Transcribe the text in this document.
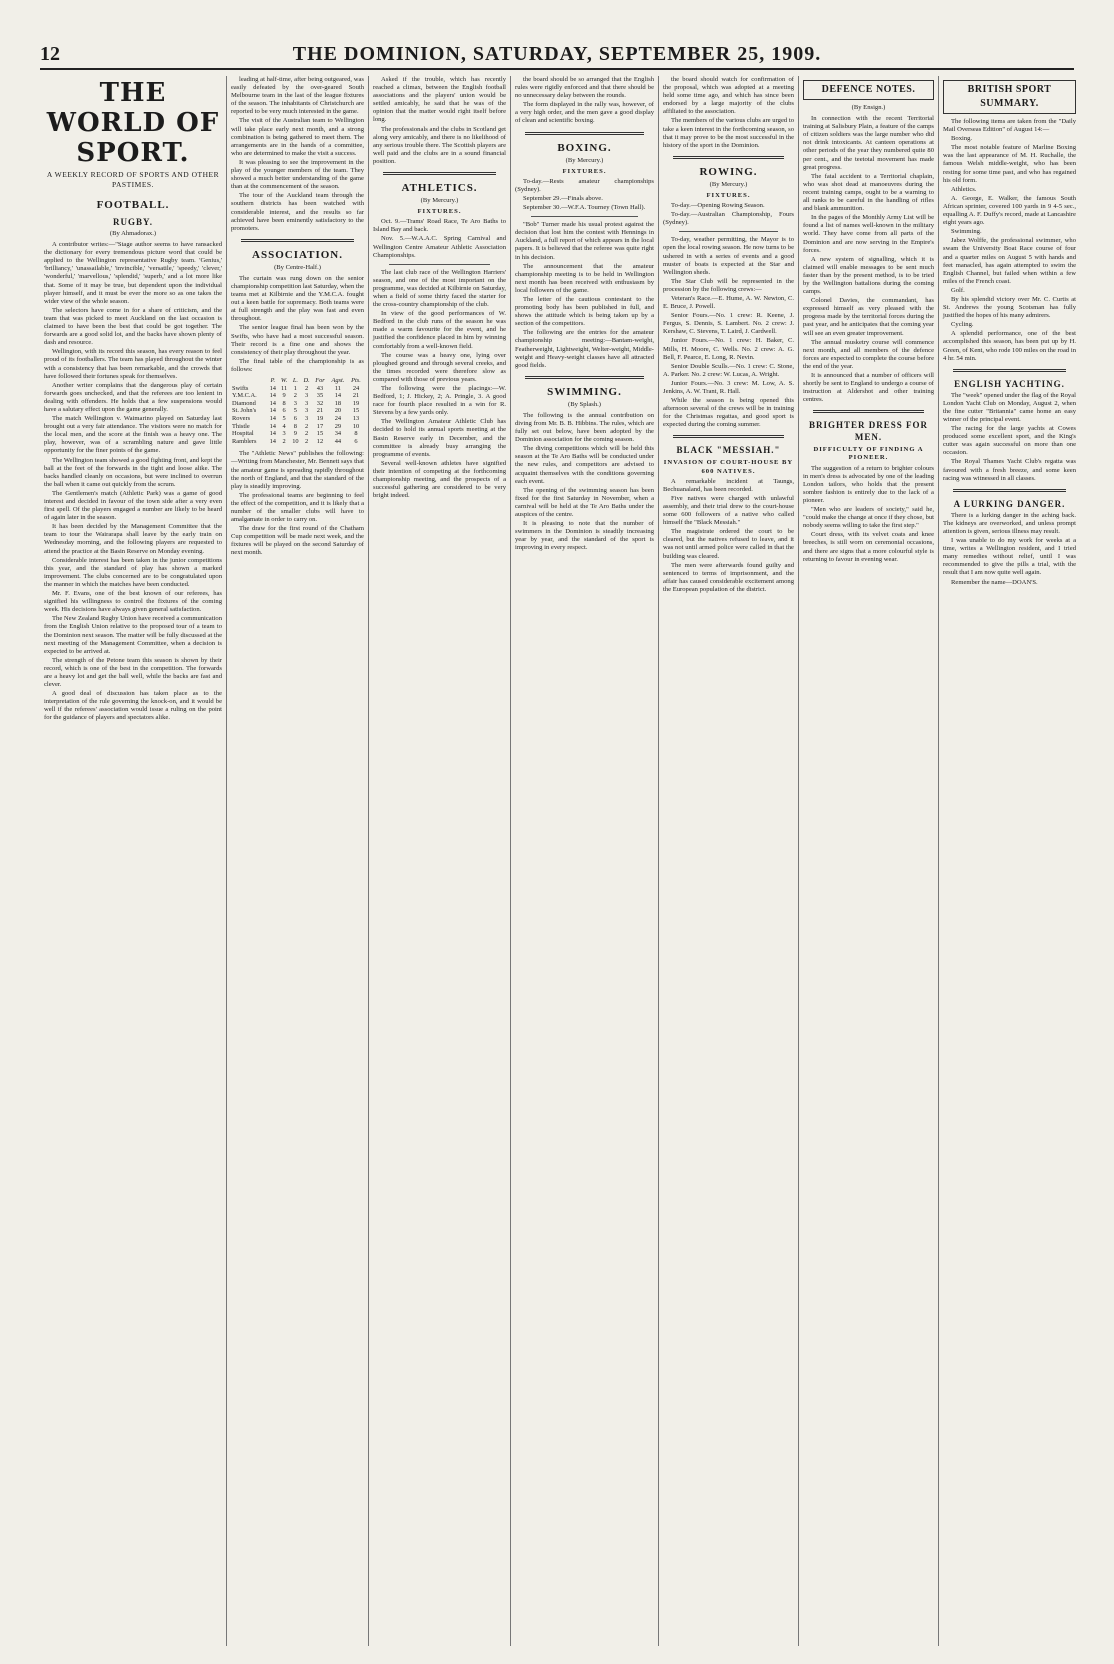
12	THE DOMINION, SATURDAY, SEPTEMBER 25, 1909.
THE WORLD OF SPORT.
A WEEKLY RECORD OF SPORTS AND OTHER PASTIMES.
FOOTBALL.
RUGBY.
(By Ahmadorax.)

A contributor writes:—"Stage author seems to have ransacked the dictionary for every tremendous picture word that could be applied to the Wellington representative Rugby team. 'Genius,' 'brilliancy,' 'unassailable,' 'invincible,' 'versatile,' 'speedy,' 'clever,' 'wonderful,' 'marvellous,' 'splendid,' 'superb,' and a lot more like that. Some of it may be true, but dependent upon the individual player himself, and it must be ever the more so as one takes the wider view of the whole season.

The selectors have come in for a share of criticism, and the team that was picked to meet Auckland on the last occasion is claimed to have been the best that could be got together. The forwards are a good solid lot, and the backs have shown plenty of dash and resource.

Wellington, with its record this season, has every reason to feel proud of its footballers. The team has played throughout the winter with a consistency that has been remarkable, and the crowds that have followed their fortunes speak for themselves.

Another writer complains that the dangerous play of certain forwards goes unchecked, and that the referees are too lenient in dealing with offenders. He holds that a few suspensions would have a salutary effect upon the game generally.

The match Wellington v. Waimarino played on Saturday last brought out a very fair attendance. The visitors were no match for the local men, and the score at the finish was a heavy one. The play, however, was of a scrambling nature and gave little opportunity for the finer points of the game.

The Wellington team showed a good fighting front, and kept the ball at the feet of the forwards in the tight and loose alike. The backs handled cleanly on occasions, but were inclined to overrun the ball when it came out quickly from the scrum.

The Gentlemen's match (Athletic Park) was a game of good interest and decided in favour of the town side after a very even first spell. Of the players engaged a number are likely to be heard of again later in the season.

It has been decided by the Management Committee that the team to tour the Wairarapa shall leave by the early train on Wednesday morning, and the following players are requested to attend the practice at the Basin Reserve on Monday evening.

Considerable interest has been taken in the junior competitions this year, and the standard of play has shown a marked improvement. The clubs concerned are to be congratulated upon the manner in which the matches have been conducted.

Mr. F. Evans, one of the best known of our referees, has signified his willingness to control the fixtures of the coming week. His decisions have always given general satisfaction.

The New Zealand Rugby Union have received a communication from the English Union relative to the proposed tour of a team to the Dominion next season. The matter will be fully discussed at the next meeting of the Management Committee, when a decision is expected to be arrived at.

The strength of the Petone team this season is shown by their record, which is one of the best in the competition. The forwards are a heavy lot and get the ball well, while the backs are fast and clever.

A good deal of discussion has taken place as to the interpretation of the rule governing the knock-on, and it would be well if the referees' association would issue a ruling on the point for the guidance of players and spectators alike.

leading at half-time, after being outgeared, was easily defeated by the over-geared South Melbourne team in the last of the league fixtures of the season. The inhabitants of Christchurch are reported to be very much interested in the game.

The visit of the Australian team to Wellington will take place early next month, and a strong combination is being gathered to meet them. The arrangements are in the hands of a committee, who are determined to make the visit a success.

It was pleasing to see the improvement in the play of the younger members of the team. They showed a much better understanding of the game than at the commencement of the season.

The tour of the Auckland team through the southern districts has been watched with considerable interest, and the results so far achieved have been eminently satisfactory to the promoters.

ASSOCIATION.
(By Centre-Half.)

The curtain was rung down on the senior championship competition last Saturday, when the teams met at Kilbirnie and the Y.M.C.A. fought out a keen battle for supremacy. Both teams were at full strength and the play was fast and even throughout.

The senior league final has been won by the Swifts, who have had a most successful season. Their record is a fine one and shows the consistency of their play throughout the year.

The final table of the championship is as follows:

	P.	W.	L.	D.	For	Agst.	Pts.
Swifts	14	11	1	2	43	11	24
Y.M.C.A.	14	9	2	3	35	14	21
Diamond	14	8	3	3	32	18	19
St. John's	14	6	5	3	21	20	15
Rovers	14	5	6	3	19	24	13
Thistle	14	4	8	2	17	29	10
Hospital	14	3	9	2	15	34	8
Ramblers	14	2	10	2	12	44	6

The "Athletic News" publishes the following:—Writing from Manchester, Mr. Bennett says that the amateur game is spreading rapidly throughout the north of England, and that the standard of the play is steadily improving.

The professional teams are beginning to feel the effect of the competition, and it is likely that a number of the smaller clubs will have to amalgamate in order to carry on.

The draw for the first round of the Chatham Cup competition will be made next week, and the fixtures will be played on the second Saturday of next month.

Asked if the trouble, which has recently reached a climax, between the English football associations and the players' union would be settled amicably, he said that he was of the opinion that the matter would right itself before long.

The professionals and the clubs in Scotland get along very amicably, and there is no likelihood of any serious trouble there. The Scottish players are well paid and the clubs are in a sound financial position.

ATHLETICS.
(By Mercury.)
FIXTURES.

Oct. 9.—Trams' Road Race, Te Aro Baths to Island Bay and back.

Nov. 5.—W.A.A.C. Spring Carnival and Wellington Centre Amateur Athletic Association Championships.

The last club race of the Wellington Harriers' season, and one of the most important on the programme, was decided at Kilbirnie on Saturday, when a field of some thirty faced the starter for the cross-country championship of the club.

In view of the good performances of W. Bedford in the club runs of the season he was made a warm favourite for the event, and he justified the confidence placed in him by winning comfortably from a well-known field.

The course was a heavy one, lying over ploughed ground and through several creeks, and the times recorded were therefore slow as compared with those of previous years.

The following were the placings:—W. Bedford, 1; J. Hickey, 2; A. Pringle, 3. A good race for fourth place resulted in a win for R. Stevens by a few yards only.

The Wellington Amateur Athletic Club has decided to hold its annual sports meeting at the Basin Reserve early in December, and the committee is already busy arranging the programme of events.

Several well-known athletes have signified their intention of competing at the forthcoming championship meeting, and the prospects of a successful gathering are considered to be very bright indeed.

the board should be so arranged that the English rules were rigidly enforced and that there should be no unnecessary delay between the rounds.

The form displayed in the rally was, however, of a very high order, and the men gave a good display of clean and scientific boxing.

BOXING.
(By Mercury.)
FIXTURES.

To-day.—Rests amateur championships (Sydney).

September 29.—Finals above.

September 30.—W.F.A. Tourney (Town Hall).

"Bob" Turner made his usual protest against the decision that lost him the contest with Hennings in Auckland, a full report of which appears in the local papers. It is believed that the referee was quite right in his decision.

The announcement that the amateur championship meeting is to be held in Wellington next month has been received with enthusiasm by local followers of the game.

The letter of the cautious contestant to the promoting body has been published in full, and shows the attitude which is being taken up by a section of the competitors.

The following are the entries for the amateur championship meeting:—Bantam-weight, Featherweight, Lightweight, Welter-weight, Middle-weight and Heavy-weight classes have all attracted good fields.

SWIMMING.
(By Splash.)

The following is the annual contribution on diving from Mr. B. B. Hibbins. The rules, which are fully set out below, have been adopted by the Dominion association for the coming season.

The diving competitions which will be held this season at the Te Aro Baths will be conducted under the new rules, and competitors are advised to acquaint themselves with the conditions governing each event.

The opening of the swimming season has been fixed for the first Saturday in November, when a carnival will be held at the Te Aro Baths under the auspices of the centre.

It is pleasing to note that the number of swimmers in the Dominion is steadily increasing year by year, and the standard of the sport is improving in every respect.

the board should watch for confirmation of the proposal, which was adopted at a meeting held some time ago, and which has since been endorsed by a large majority of the clubs affiliated to the association.

The members of the various clubs are urged to take a keen interest in the forthcoming season, so that it may prove to be the most successful in the history of the sport in the Dominion.

ROWING.
(By Mercury.)
FIXTURES.

To-day.—Opening Rowing Season.

To-day.—Australian Championship, Fours (Sydney).

To-day, weather permitting, the Mayor is to open the local rowing season. He now turns to be ushered in with a series of events and a good muster of boats is expected at the Star and Wellington sheds.

The Star Club will be represented in the procession by the following crews:—

Veteran's Race.—E. Hume, A. W. Newton, C. E. Bruce, J. Powell.

Senior Fours.—No. 1 crew: R. Keene, J. Fergus, S. Dennis, S. Lambert. No. 2 crew: J. Kershaw, C. Stevens, T. Laird, J. Cardwell.

Junior Fours.—No. 1 crew: H. Baker, C. Mills, H. Moore, C. Wells. No. 2 crew: A. G. Bell, F. Pearce, E. Long, R. Nevin.

Senior Double Sculls.—No. 1 crew: C. Stone, A. Parker. No. 2 crew: W. Lucas, A. Wright.

Junior Fours.—No. 3 crew: M. Low, A. S. Jenkins, A. W. Trant, R. Hall.

While the season is being opened this afternoon several of the crews will be in training for the Christmas regattas, and good sport is expected during the coming summer.

BLACK "MESSIAH."
INVASION OF COURT-HOUSE BY 600 NATIVES.

A remarkable incident at Taungs, Bechuanaland, has been recorded.

Five natives were charged with unlawful assembly, and their trial drew to the court-house some 600 followers of a native who called himself the "Black Messiah."

The magistrate ordered the court to be cleared, but the natives refused to leave, and it was not until armed police were called in that the building was cleared.

The men were afterwards found guilty and sentenced to terms of imprisonment, and the affair has caused considerable excitement among the European population of the district.

DEFENCE NOTES.
(By Ensign.)

In connection with the recent Territorial training at Salisbury Plain, a feature of the camps of citizen soldiers was the large number who did not drink intoxicants. At canteen operations at other periods of the year they numbered quite 80 per cent., and the teetotal movement has made great progress.

The fatal accident to a Territorial chaplain, who was shot dead at manoeuvres during the recent training camps, ought to be a warning to all ranks to be careful in the handling of rifles and blank ammunition.

In the pages of the Monthly Army List will be found a list of names well-known in the military world. They have come from all parts of the Dominion and are now serving in the Empire's forces.

A new system of signalling, which it is claimed will enable messages to be sent much faster than by the present method, is to be tried by the Wellington battalions during the coming camps.

Colonel Davies, the commandant, has expressed himself as very pleased with the progress made by the territorial forces during the past year, and he anticipates that the coming year will see an even greater improvement.

The annual musketry course will commence next month, and all members of the defence forces are expected to complete the course before the end of the year.

It is announced that a number of officers will shortly be sent to England to undergo a course of instruction at Aldershot and other training centres.

BRIGHTER DRESS FOR MEN.
DIFFICULTY OF FINDING A PIONEER.

The suggestion of a return to brighter colours in men's dress is advocated by one of the leading London tailors, who holds that the present sombre fashion is entirely due to the lack of a pioneer.

"Men who are leaders of society," said he, "could make the change at once if they chose, but nobody seems willing to take the first step."

Court dress, with its velvet coats and knee breeches, is still worn on ceremonial occasions, and there are signs that a more colourful style is returning to favour in evening wear.

BRITISH SPORT SUMMARY.

The following items are taken from the "Daily Mail Overseas Edition" of August 14:—

Boxing.

The most notable feature of Marline Boxing was the last appearance of M. H. Ruchalle, the famous Welsh middle-weight, who has been resting for some time past, and who has regained his old form.

Athletics.

A. George, E. Walker, the famous South African sprinter, covered 100 yards in 9 4-5 sec., equalling A. F. Duffy's record, made at Lancashire eight years ago.

Swimming.

Jabez Wolffe, the professional swimmer, who swam the University Boat Race course of four and a quarter miles on August 5 with hands and feet manacled, has again attempted to swim the English Channel, but failed when within a few miles of the French coast.

Golf.

By his splendid victory over Mr. C. Curtis at St. Andrews the young Scotsman has fully justified the hopes of his many admirers.

Cycling.

A splendid performance, one of the best accomplished this season, has been put up by H. Green, of Kent, who rode 100 miles on the road in 4 hr. 54 min.

ENGLISH YACHTING.

The "week" opened under the flag of the Royal London Yacht Club on Monday, August 2, when the fine cutter "Britannia" came home an easy winner of the principal event.

The racing for the large yachts at Cowes produced some excellent sport, and the King's cutter was again successful on more than one occasion.

The Royal Thames Yacht Club's regatta was favoured with a fresh breeze, and some keen racing was witnessed in all classes.

A LURKING DANGER.

There is a lurking danger in the aching back. The kidneys are overworked, and unless prompt attention is given, serious illness may result.

I was unable to do my work for weeks at a time, writes a Wellington resident, and I tried many remedies without relief, until I was recommended to give the pills a trial, with the result that I am now quite well again.

Remember the name—DOAN'S.
